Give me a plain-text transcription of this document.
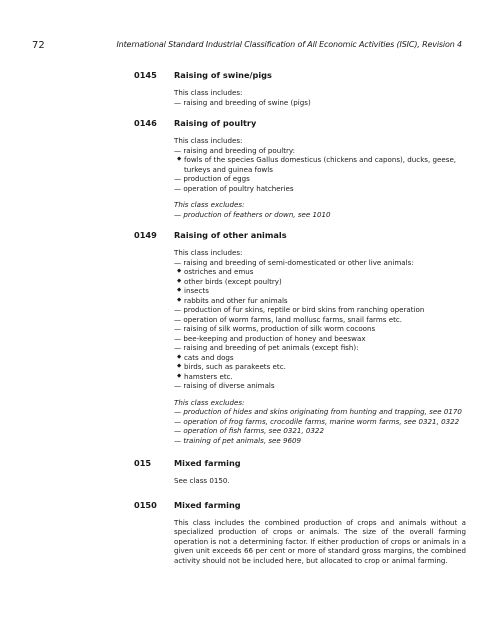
72	International Standard Industrial Classification of All Economic Activities (ISIC), Revision 4
0145 Raising of swine/pigs
This class includes:
— raising and breeding of swine (pigs)
0146 Raising of poultry
This class includes:
— raising and breeding of poultry:
◆ fowls of the species Gallus domesticus (chickens and capons), ducks, geese, turkeys and guinea fowls
— production of eggs
— operation of poultry hatcheries
This class excludes:
— production of feathers or down, see 1010
0149 Raising of other animals
This class includes:
— raising and breeding of semi-domesticated or other live animals:
◆ ostriches and emus
◆ other birds (except poultry)
◆ insects
◆ rabbits and other fur animals
— production of fur skins, reptile or bird skins from ranching operation
— operation of worm farms, land mollusc farms, snail farms etc.
— raising of silk worms, production of silk worm cocoons
— bee-keeping and production of honey and beeswax
— raising and breeding of pet animals (except fish):
◆ cats and dogs
◆ birds, such as parakeets etc.
◆ hamsters etc.
— raising of diverse animals
This class excludes:
— production of hides and skins originating from hunting and trapping, see 0170
— operation of frog farms, crocodile farms, marine worm farms, see 0321, 0322
— operation of fish farms, see 0321, 0322
— training of pet animals, see 9609
015	Mixed farming
See class 0150.
0150 Mixed farming
This class includes the combined production of crops and animals without a specialized production of crops or animals. The size of the overall farming operation is not a determining factor. If either production of crops or animals in a given unit exceeds 66 per cent or more of standard gross margins, the combined activity should not be included here, but allocated to crop or animal farming.
